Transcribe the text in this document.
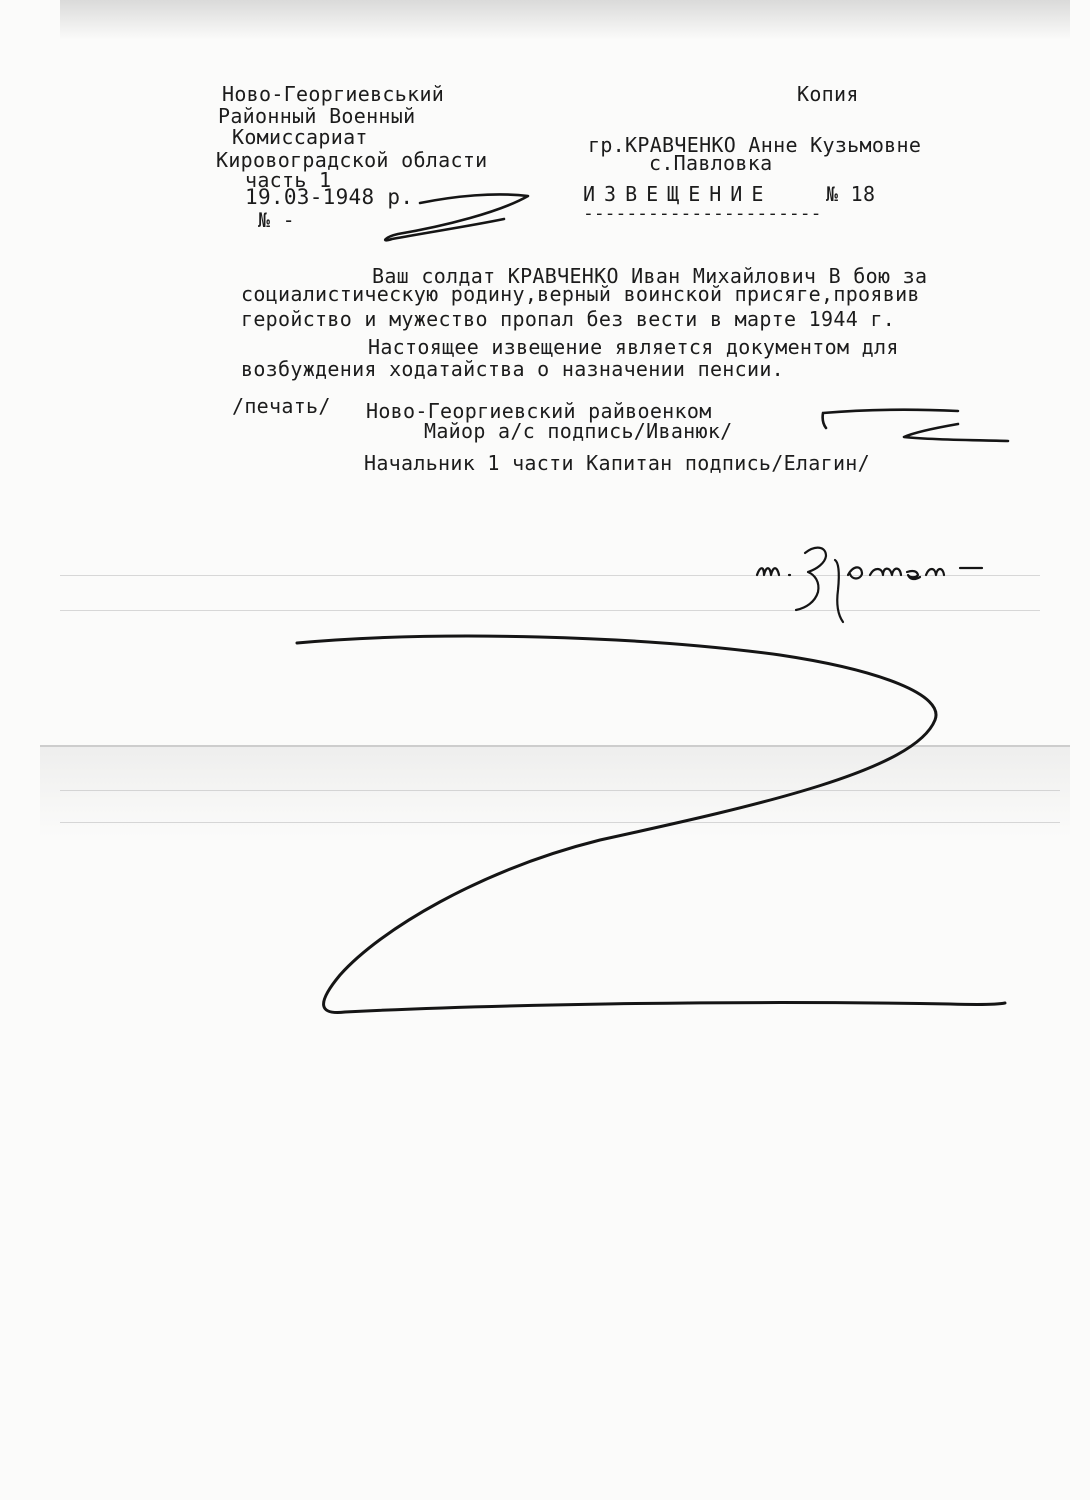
Ново-Георгиевський
Районный Военный
Комиссариат
Кировоградской области
часть 1
19.03-1948 р.
№ -
Копия
гр.КРАВЧЕНКО Анне Кузьмовне
с.Павловка
ИЗВЕЩЕНИЕ	№ 18
----------------------
Ваш солдат КРАВЧЕНКО Иван Михайлович В бою за
социалистическую родину,верный воинской присяге,проявив
геройство и мужество пропал без вести в марте 1944 г.
Настоящее извещение является документом для
возбуждения ходатайства о назначении пенсии.
/печать/ Ново-Георгиевский райвоенком
Майор а/с подпись/Иванюк/
Начальник 1 части Капитан подпись/Елагин/
